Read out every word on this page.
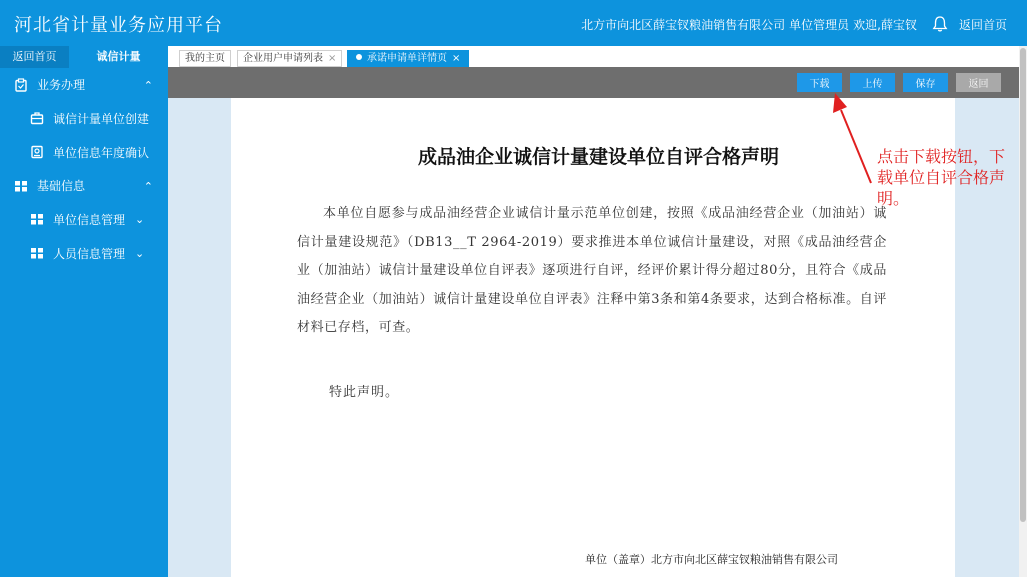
河北省计量业务应用平台	北方市向北区薛宝钗粮油销售有限公司 单位管理员 欢迎,薛宝钗	返回首页
返回首页	诚信计量
业务办理	⌃
诚信计量单位创建
单位信息年度确认
基础信息	⌃
单位信息管理 ⌄
人员信息管理 ⌄
我的主页	企业用户申请列表 ×	承诺申请单详情页 ×
下载	上传	保存	返回
成品油企业诚信计量建设单位自评合格声明
本单位自愿参与成品油经营企业诚信计量示范单位创建，按照《成品油经营企业（加油站）诚信计量建设规范》（DB13__T 2964-2019）要求推进本单位诚信计量建设，对照《成品油经营企业（加油站）诚信计量建设单位自评表》逐项进行自评，经评价累计得分超过80分，且符合《成品油经营企业（加油站）诚信计量建设单位自评表》注释中第3条和第4条要求，达到合格标准。自评材料已存档，可查。
特此声明。
单位（盖章）北方市向北区薛宝钗粮油销售有限公司
点击下载按钮，下载单位自评合格声明。
